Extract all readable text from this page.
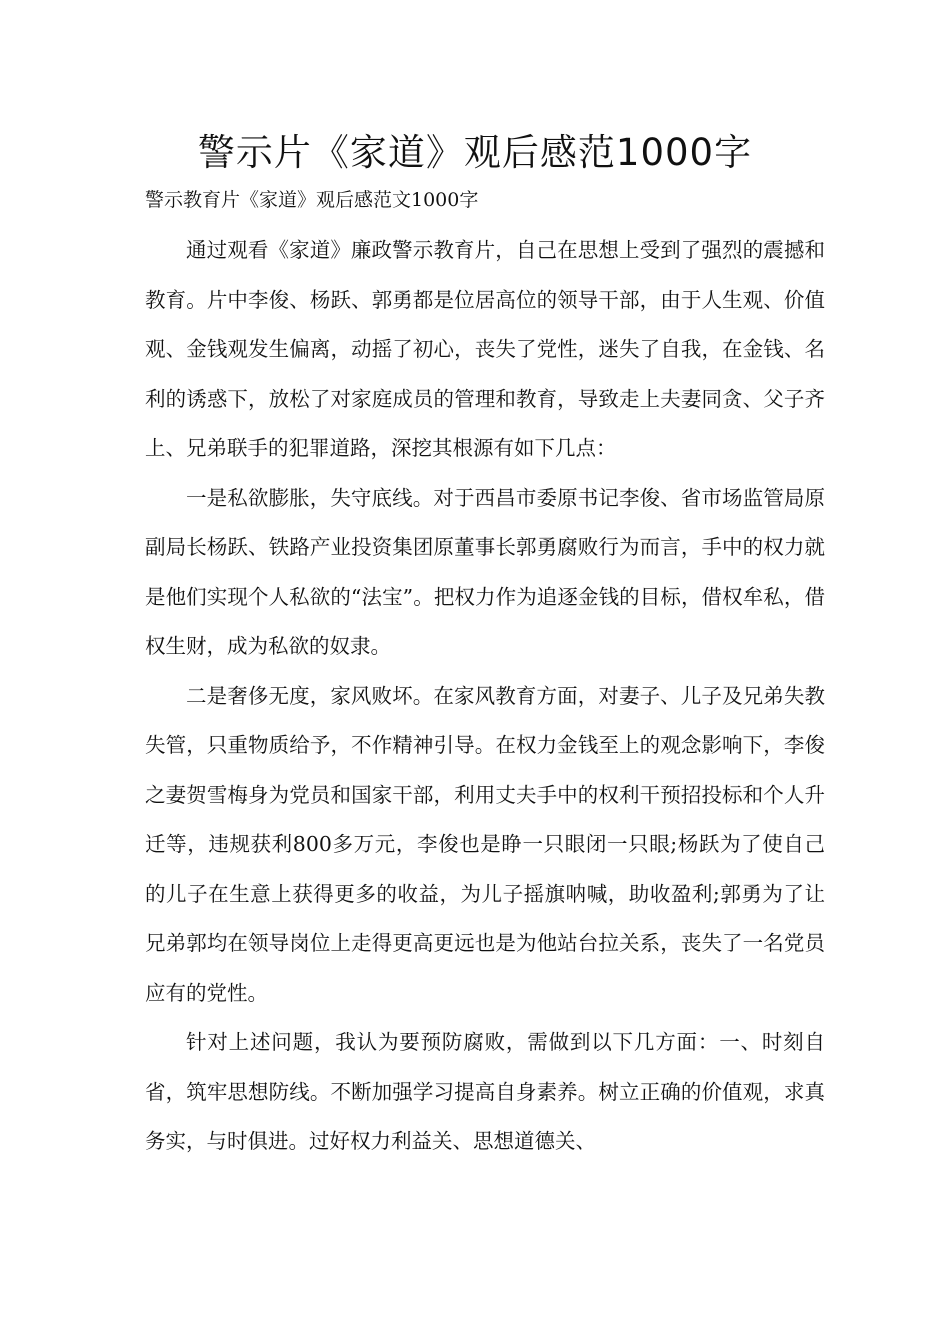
警示片《家道》观后感范1000字

警示教育片《家道》观后感范文1000字

通过观看《家道》廉政警示教育片，自己在思想上受到了强烈的震撼和教育。片中李俊、杨跃、郭勇都是位居高位的领导干部，由于人生观、价值观、金钱观发生偏离，动摇了初心，丧失了党性，迷失了自我，在金钱、名利的诱惑下，放松了对家庭成员的管理和教育，导致走上夫妻同贪、父子齐上、兄弟联手的犯罪道路，深挖其根源有如下几点：

一是私欲膨胀，失守底线。对于西昌市委原书记李俊、省市场监管局原副局长杨跃、铁路产业投资集团原董事长郭勇腐败行为而言，手中的权力就是他们实现个人私欲的“法宝”。把权力作为追逐金钱的目标，借权牟私，借权生财，成为私欲的奴隶。

二是奢侈无度，家风败坏。在家风教育方面，对妻子、儿子及兄弟失教失管，只重物质给予，不作精神引导。在权力金钱至上的观念影响下，李俊之妻贺雪梅身为党员和国家干部，利用丈夫手中的权利干预招投标和个人升迁等，违规获利800多万元，李俊也是睁一只眼闭一只眼;杨跃为了使自己的儿子在生意上获得更多的收益，为儿子摇旗呐喊，助收盈利;郭勇为了让兄弟郭均在领导岗位上走得更高更远也是为他站台拉关系，丧失了一名党员应有的党性。

针对上述问题，我认为要预防腐败，需做到以下几方面：一、时刻自省，筑牢思想防线。不断加强学习提高自身素养。树立正确的价值观，求真务实，与时俱进。过好权力利益关、思想道德关、
